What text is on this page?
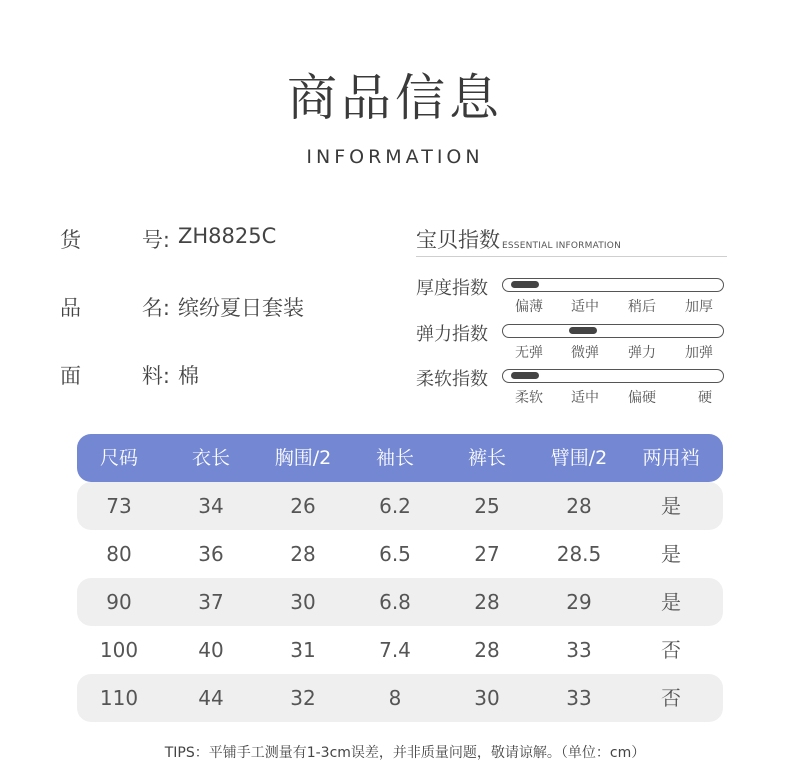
商品信息
INFORMATION
货	号: ZH8825C
品	名: 缤纷夏日套装
面	料: 棉
宝贝指数 ESSENTIAL INFORMATION
厚度指数
偏薄 适中 稍后 加厚
弹力指数
无弹 微弹 弹力 加弹
柔软指数
柔软 适中 偏硬	硬
尺码	衣长	胸围/2	袖长	裤长	臂围/2	两用裆
73	34	26	6.2	25	28	是
80	36	28	6.5	27	28.5	是
90	37	30	6.8	28	29	是
100	40	31	7.4	28	33	否
110	44	32	8	30	33	否
TIPS：平铺手工测量有1-3cm误差，并非质量问题，敬请谅解。（单位：cm）
